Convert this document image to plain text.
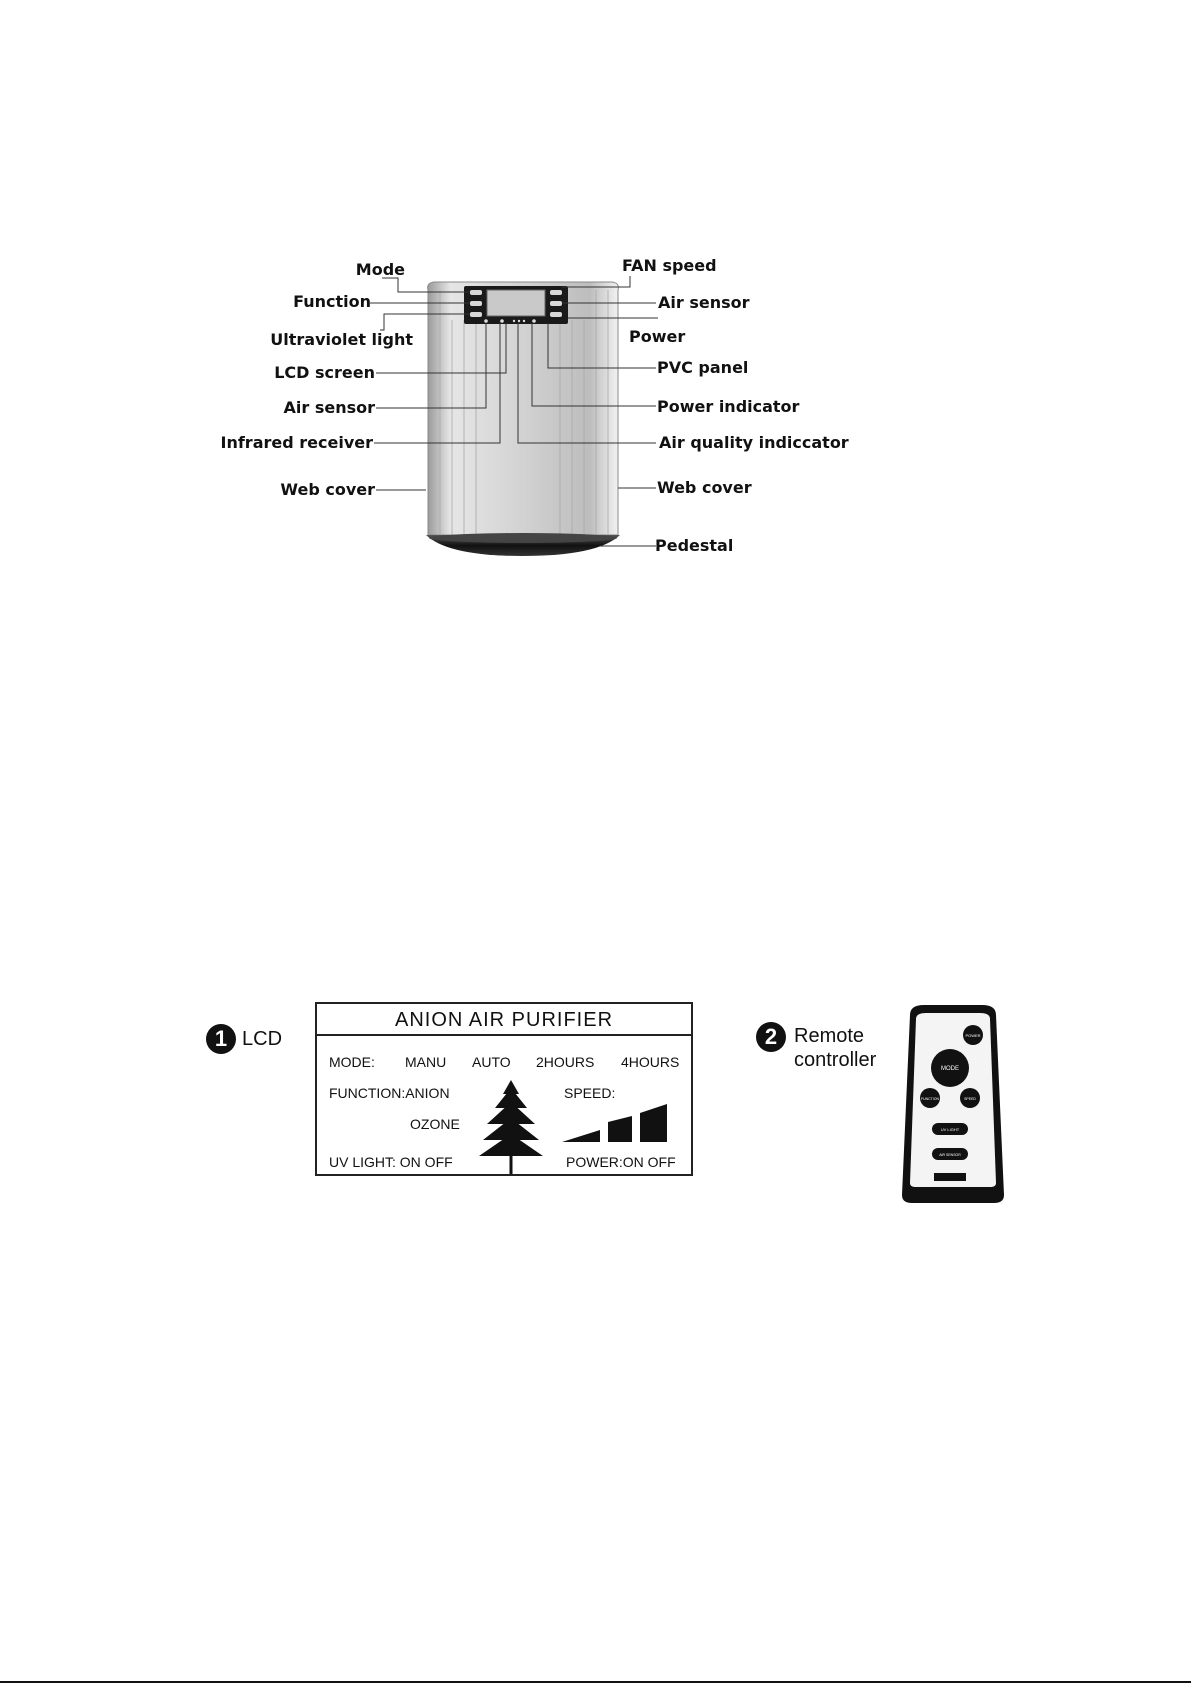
Mode
Function
Ultraviolet light
LCD screen
Air sensor
Infrared receiver
Web cover
FAN speed
Air sensor
Power
PVC panel
Power indicator
Air quality indiccator
Web cover
Pedestal
1 LCD
ANION AIR PURIFIER
MODE: MANU AUTO 2HOURS 4HOURS
FUNCTION:ANION
OZONE
SPEED:
UV LIGHT: ON OFF	POWER:ON OFF
2 Remote
controller
POWER
MODE
FUNCTION	SPEED
UV LIGHT
AIR SENSOR
